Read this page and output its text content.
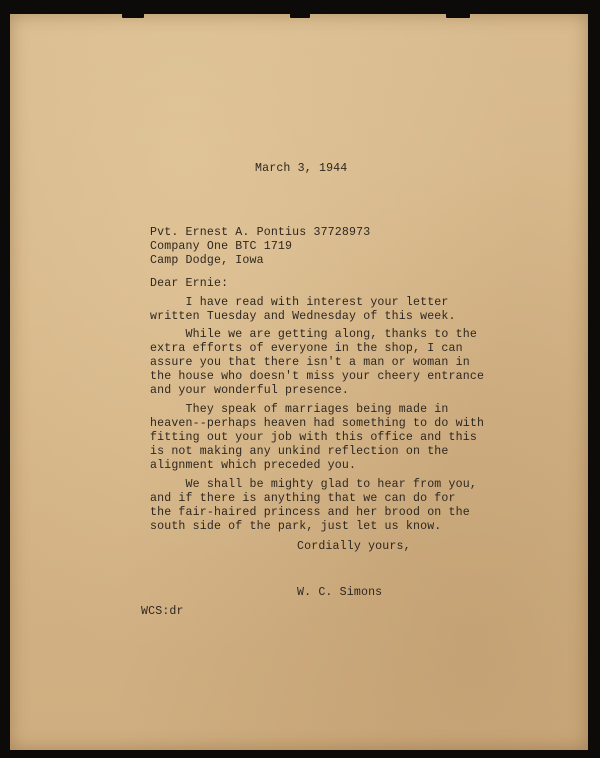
March 3, 1944

Pvt. Ernest A. Pontius 37728973

Company One BTC 1719

Camp Dodge, Iowa

Dear Ernie:

I have read with interest your letter

written Tuesday and Wednesday of this week.

While we are getting along, thanks to the

extra efforts of everyone in the shop, I can

assure you that there isn't a man or woman in

the house who doesn't miss your cheery entrance

and your wonderful presence.

They speak of marriages being made in

heaven--perhaps heaven had something to do with

fitting out your job with this office and this

is not making any unkind reflection on the

alignment which preceded you.

We shall be mighty glad to hear from you,

and if there is anything that we can do for

the fair-haired princess and her brood on the

south side of the park, just let us know.

Cordially yours,

W. C. Simons

WCS:dr
